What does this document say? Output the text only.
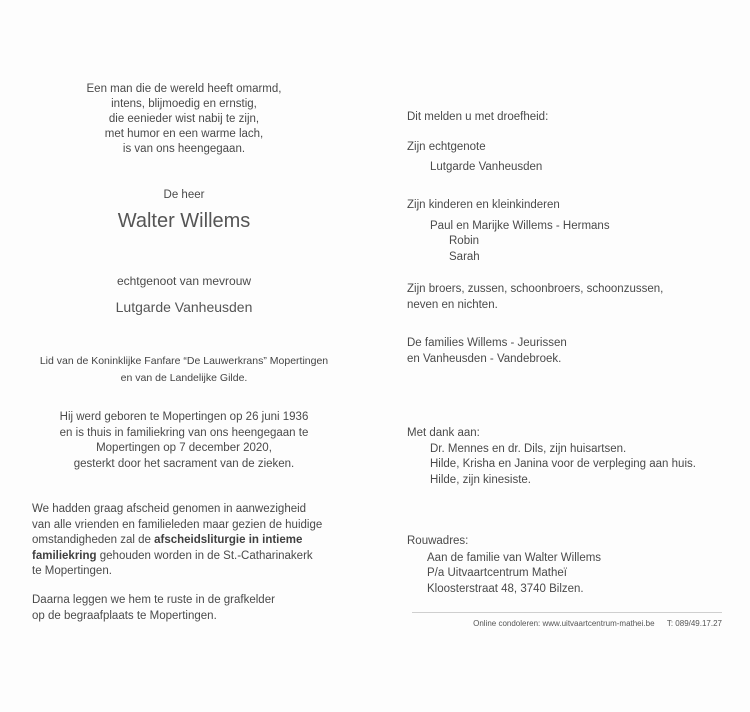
Een man die de wereld heeft omarmd,
intens, blijmoedig en ernstig,
die eenieder wist nabij te zijn,
met humor en een warme lach,
is van ons heengegaan.
De heer
Walter Willems
echtgenoot van mevrouw
Lutgarde Vanheusden
Lid van de Koninklijke Fanfare “De Lauwerkrans” Mopertingen
en van de Landelijke Gilde.
Hij werd geboren te Mopertingen op 26 juni 1936
en is thuis in familiekring van ons heengegaan te
Mopertingen op 7 december 2020,
gesterkt door het sacrament van de zieken.
We hadden graag afscheid genomen in aanwezigheid
van alle vrienden en familieleden maar gezien de huidige
omstandigheden zal de afscheidsliturgie in intieme
familiekring gehouden worden in de St.-Catharinakerk
te Mopertingen.
Daarna leggen we hem te ruste in de grafkelder
op de begraafplaats te Mopertingen.
Dit melden u met droefheid:
Zijn echtgenote
Lutgarde Vanheusden
Zijn kinderen en kleinkinderen
Paul en Marijke Willems - Hermans
Robin
Sarah
Zijn broers, zussen, schoonbroers, schoonzussen,
neven en nichten.
De families Willems - Jeurissen
en Vanheusden - Vandebroek.
Met dank aan:
Dr. Mennes en dr. Dils, zijn huisartsen.
Hilde, Krisha en Janina voor de verpleging aan huis.
Hilde, zijn kinesiste.
Rouwadres:
Aan de familie van Walter Willems
P/a Uitvaartcentrum Matheï
Kloosterstraat 48, 3740 Bilzen.
Online condoleren: www.uitvaartcentrum-mathei.be T: 089/49.17.27
